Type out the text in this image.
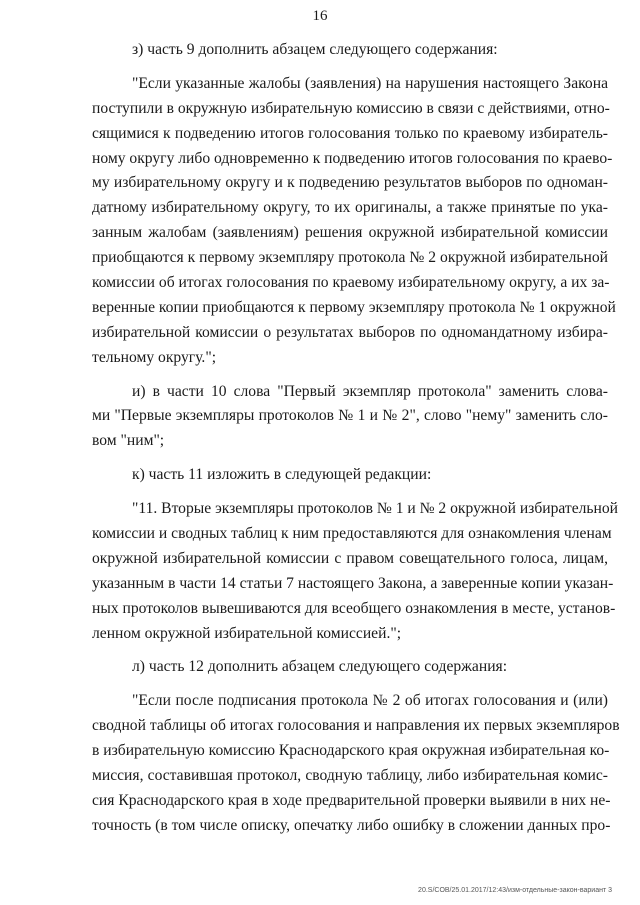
16
з) часть 9 дополнить абзацем следующего содержания:
"Если указанные жалобы (заявления) на нарушения настоящего Закона
поступили в окружную избирательную комиссию в связи с действиями, отно-
сящимися к подведению итогов голосования только по краевому избиратель-
ному округу либо одновременно к подведению итогов голосования по краево-
му избирательному округу и к подведению результатов выборов по одноман-
датному избирательному округу, то их оригиналы, а также принятые по ука-
занным жалобам (заявлениям) решения окружной избирательной комиссии
приобщаются к первому экземпляру протокола № 2 окружной избирательной
комиссии об итогах голосования по краевому избирательному округу, а их за-
веренные копии приобщаются к первому экземпляру протокола № 1 окружной
избирательной комиссии о результатах выборов по одномандатному избира-
тельному округу.";
и) в части 10 слова "Первый экземпляр протокола" заменить слова-
ми "Первые экземпляры протоколов № 1 и № 2", слово "нему" заменить сло-
вом "ним";
к) часть 11 изложить в следующей редакции:
"11. Вторые экземпляры протоколов № 1 и № 2 окружной избирательной
комиссии и сводных таблиц к ним предоставляются для ознакомления членам
окружной избирательной комиссии с правом совещательного голоса, лицам,
указанным в части 14 статьи 7 настоящего Закона, а заверенные копии указан-
ных протоколов вывешиваются для всеобщего ознакомления в месте, установ-
ленном окружной избирательной комиссией.";
л) часть 12 дополнить абзацем следующего содержания:
"Если после подписания протокола № 2 об итогах голосования и (или)
сводной таблицы об итогах голосования и направления их первых экземпляров
в избирательную комиссию Краснодарского края окружная избирательная ко-
миссия, составившая протокол, сводную таблицу, либо избирательная комис-
сия Краснодарского края в ходе предварительной проверки выявили в них не-
точность (в том числе описку, опечатку либо ошибку в сложении данных про-
20.S/COB/25.01.2017/12:43/изм-отдельные-закон-вариант 3
